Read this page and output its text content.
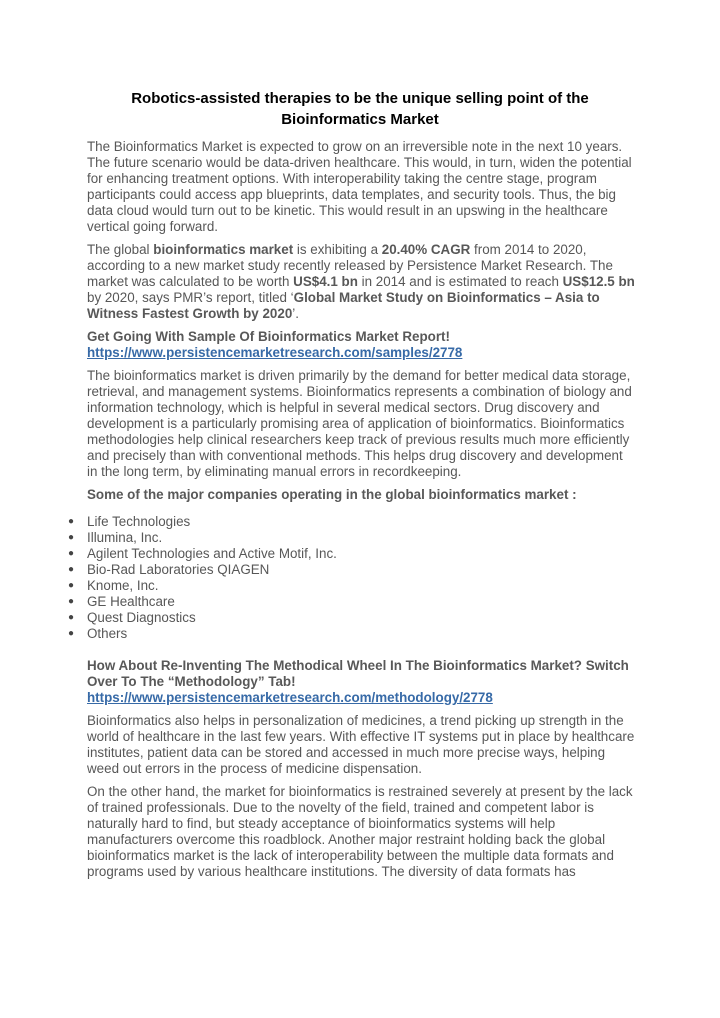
Robotics-assisted therapies to be the unique selling point of the
Bioinformatics Market

The Bioinformatics Market is expected to grow on an irreversible note in the next 10 years. The future scenario would be data-driven healthcare. This would, in turn, widen the potential for enhancing treatment options. With interoperability taking the centre stage, program participants could access app blueprints, data templates, and security tools. Thus, the big data cloud would turn out to be kinetic. This would result in an upswing in the healthcare vertical going forward.

The global bioinformatics market is exhibiting a 20.40% CAGR from 2014 to 2020, according to a new market study recently released by Persistence Market Research. The market was calculated to be worth US$4.1 bn in 2014 and is estimated to reach US$12.5 bn by 2020, says PMR’s report, titled ‘Global Market Study on Bioinformatics – Asia to Witness Fastest Growth by 2020’.

Get Going With Sample Of Bioinformatics Market Report! https://www.persistencemarketresearch.com/samples/2778

The bioinformatics market is driven primarily by the demand for better medical data storage, retrieval, and management systems. Bioinformatics represents a combination of biology and information technology, which is helpful in several medical sectors. Drug discovery and development is a particularly promising area of application of bioinformatics. Bioinformatics methodologies help clinical researchers keep track of previous results much more efficiently and precisely than with conventional methods. This helps drug discovery and development in the long term, by eliminating manual errors in recordkeeping.

Some of the major companies operating in the global bioinformatics market :

● Life Technologies
● Illumina, Inc.
● Agilent Technologies and Active Motif, Inc.
● Bio-Rad Laboratories QIAGEN
● Knome, Inc.
● GE Healthcare
● Quest Diagnostics
● Others

How About Re-Inventing The Methodical Wheel In The Bioinformatics Market? Switch Over To The “Methodology” Tab! https://www.persistencemarketresearch.com/methodology/2778

Bioinformatics also helps in personalization of medicines, a trend picking up strength in the world of healthcare in the last few years. With effective IT systems put in place by healthcare institutes, patient data can be stored and accessed in much more precise ways, helping weed out errors in the process of medicine dispensation.

On the other hand, the market for bioinformatics is restrained severely at present by the lack of trained professionals. Due to the novelty of the field, trained and competent labor is naturally hard to find, but steady acceptance of bioinformatics systems will help manufacturers overcome this roadblock. Another major restraint holding back the global bioinformatics market is the lack of interoperability between the multiple data formats and programs used by various healthcare institutions. The diversity of data formats has
